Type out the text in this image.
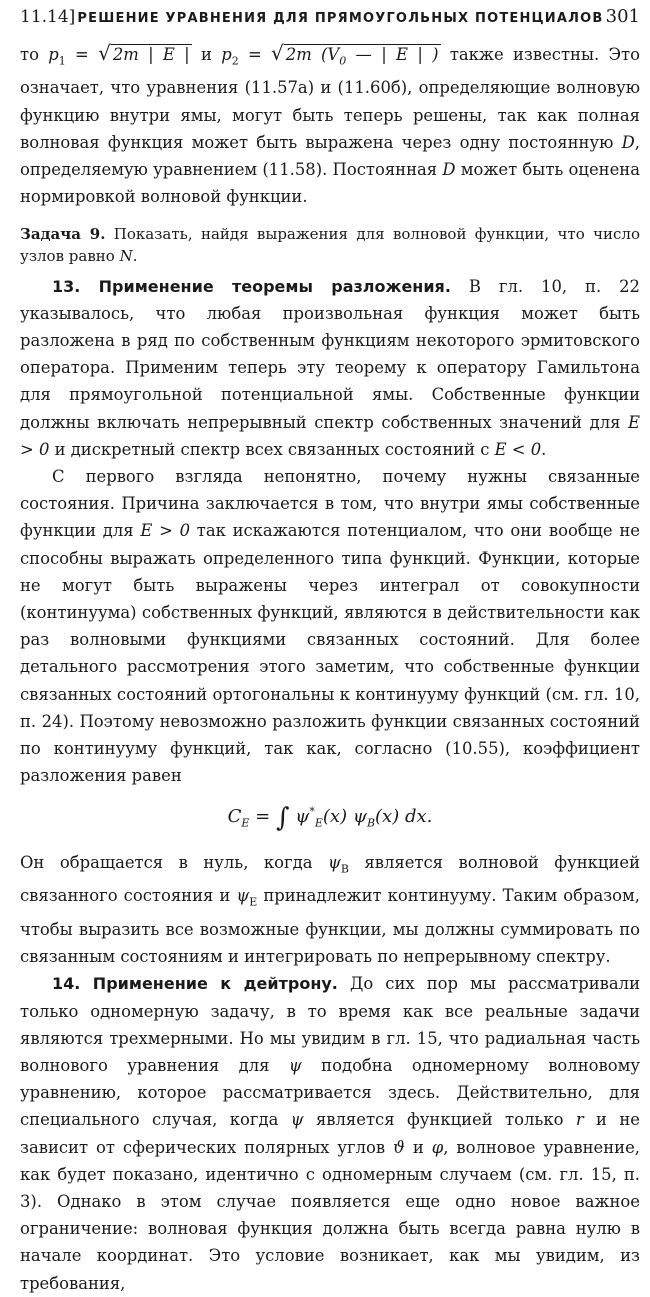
11.14] РЕШЕНИЕ УРАВНЕНИЯ ДЛЯ ПРЯМОУГОЛЬНЫХ ПОТЕНЦИАЛОВ 301

то $p_1$ = √ 2m | E | и $p_2$ = √ 2m ($V_0$ — | E | ) также известны. Это означает, что уравнения (11.57а) и (11.60б), определяющие волновую функцию внутри ямы, могут быть теперь решены, так как полная волновая функция может быть выражена через одну постоянную D, определяемую уравнением (11.58). Постоянная D может быть оценена нормировкой волновой функции.

Задача 9. Показать, найдя выражения для волновой функции, что число узлов равно N.

13. Применение теоремы разложения. В гл. 10, п. 22 указывалось, что любая произвольная функция может быть разложена в ряд по собственным функциям некоторого эрмитовского оператора. Применим теперь эту теорему к оператору Гамильтона для прямоугольной потенциальной ямы. Собственные функции должны включать непрерывный спектр собственных значений для E > 0 и дискретный спектр всех связанных состояний с E < 0.

С первого взгляда непонятно, почему нужны связанные состояния. Причина заключается в том, что внутри ямы собственные функции для E > 0 так искажаются потенциалом, что они вообще не способны выражать определенного типа функций. Функции, которые не могут быть выражены через интеграл от совокупности (континуума) собственных функций, являются в действительности как раз волновыми функциями связанных состояний. Для более детального рассмотрения этого заметим, что собственные функции связанных состояний ортогональны к континууму функций (см. гл. 10, п. 24). Поэтому невозможно разложить функции связанных состояний по континууму функций, так как, согласно (10.55), коэффициент разложения равен

$C_E$ = ∫ $\psi^*_E(x)$ $\psi_B(x)$ dx.

Он обращается в нуль, когда $\psi_B$ является волновой функцией связанного состояния и $\psi_E$ принадлежит континууму. Таким образом, чтобы выразить все возможные функции, мы должны суммировать по связанным состояниям и интегрировать по непрерывному спектру.

14. Применение к дейтрону. До сих пор мы рассматривали только одномерную задачу, в то время как все реальные задачи являются трехмерными. Но мы увидим в гл. 15, что радиальная часть волнового уравнения для ψ подобна одномерному волновому уравнению, которое рассматривается здесь. Действительно, для специального случая, когда ψ является функцией только r и не зависит от сферических полярных углов ϑ и φ, волновое уравнение, как будет показано, идентично с одномерным случаем (см. гл. 15, п. 3). Однако в этом случае появляется еще одно новое важное ограничение: волновая функция должна быть всегда равна нулю в начале координат. Это условие возникает, как мы увидим, из требования,
